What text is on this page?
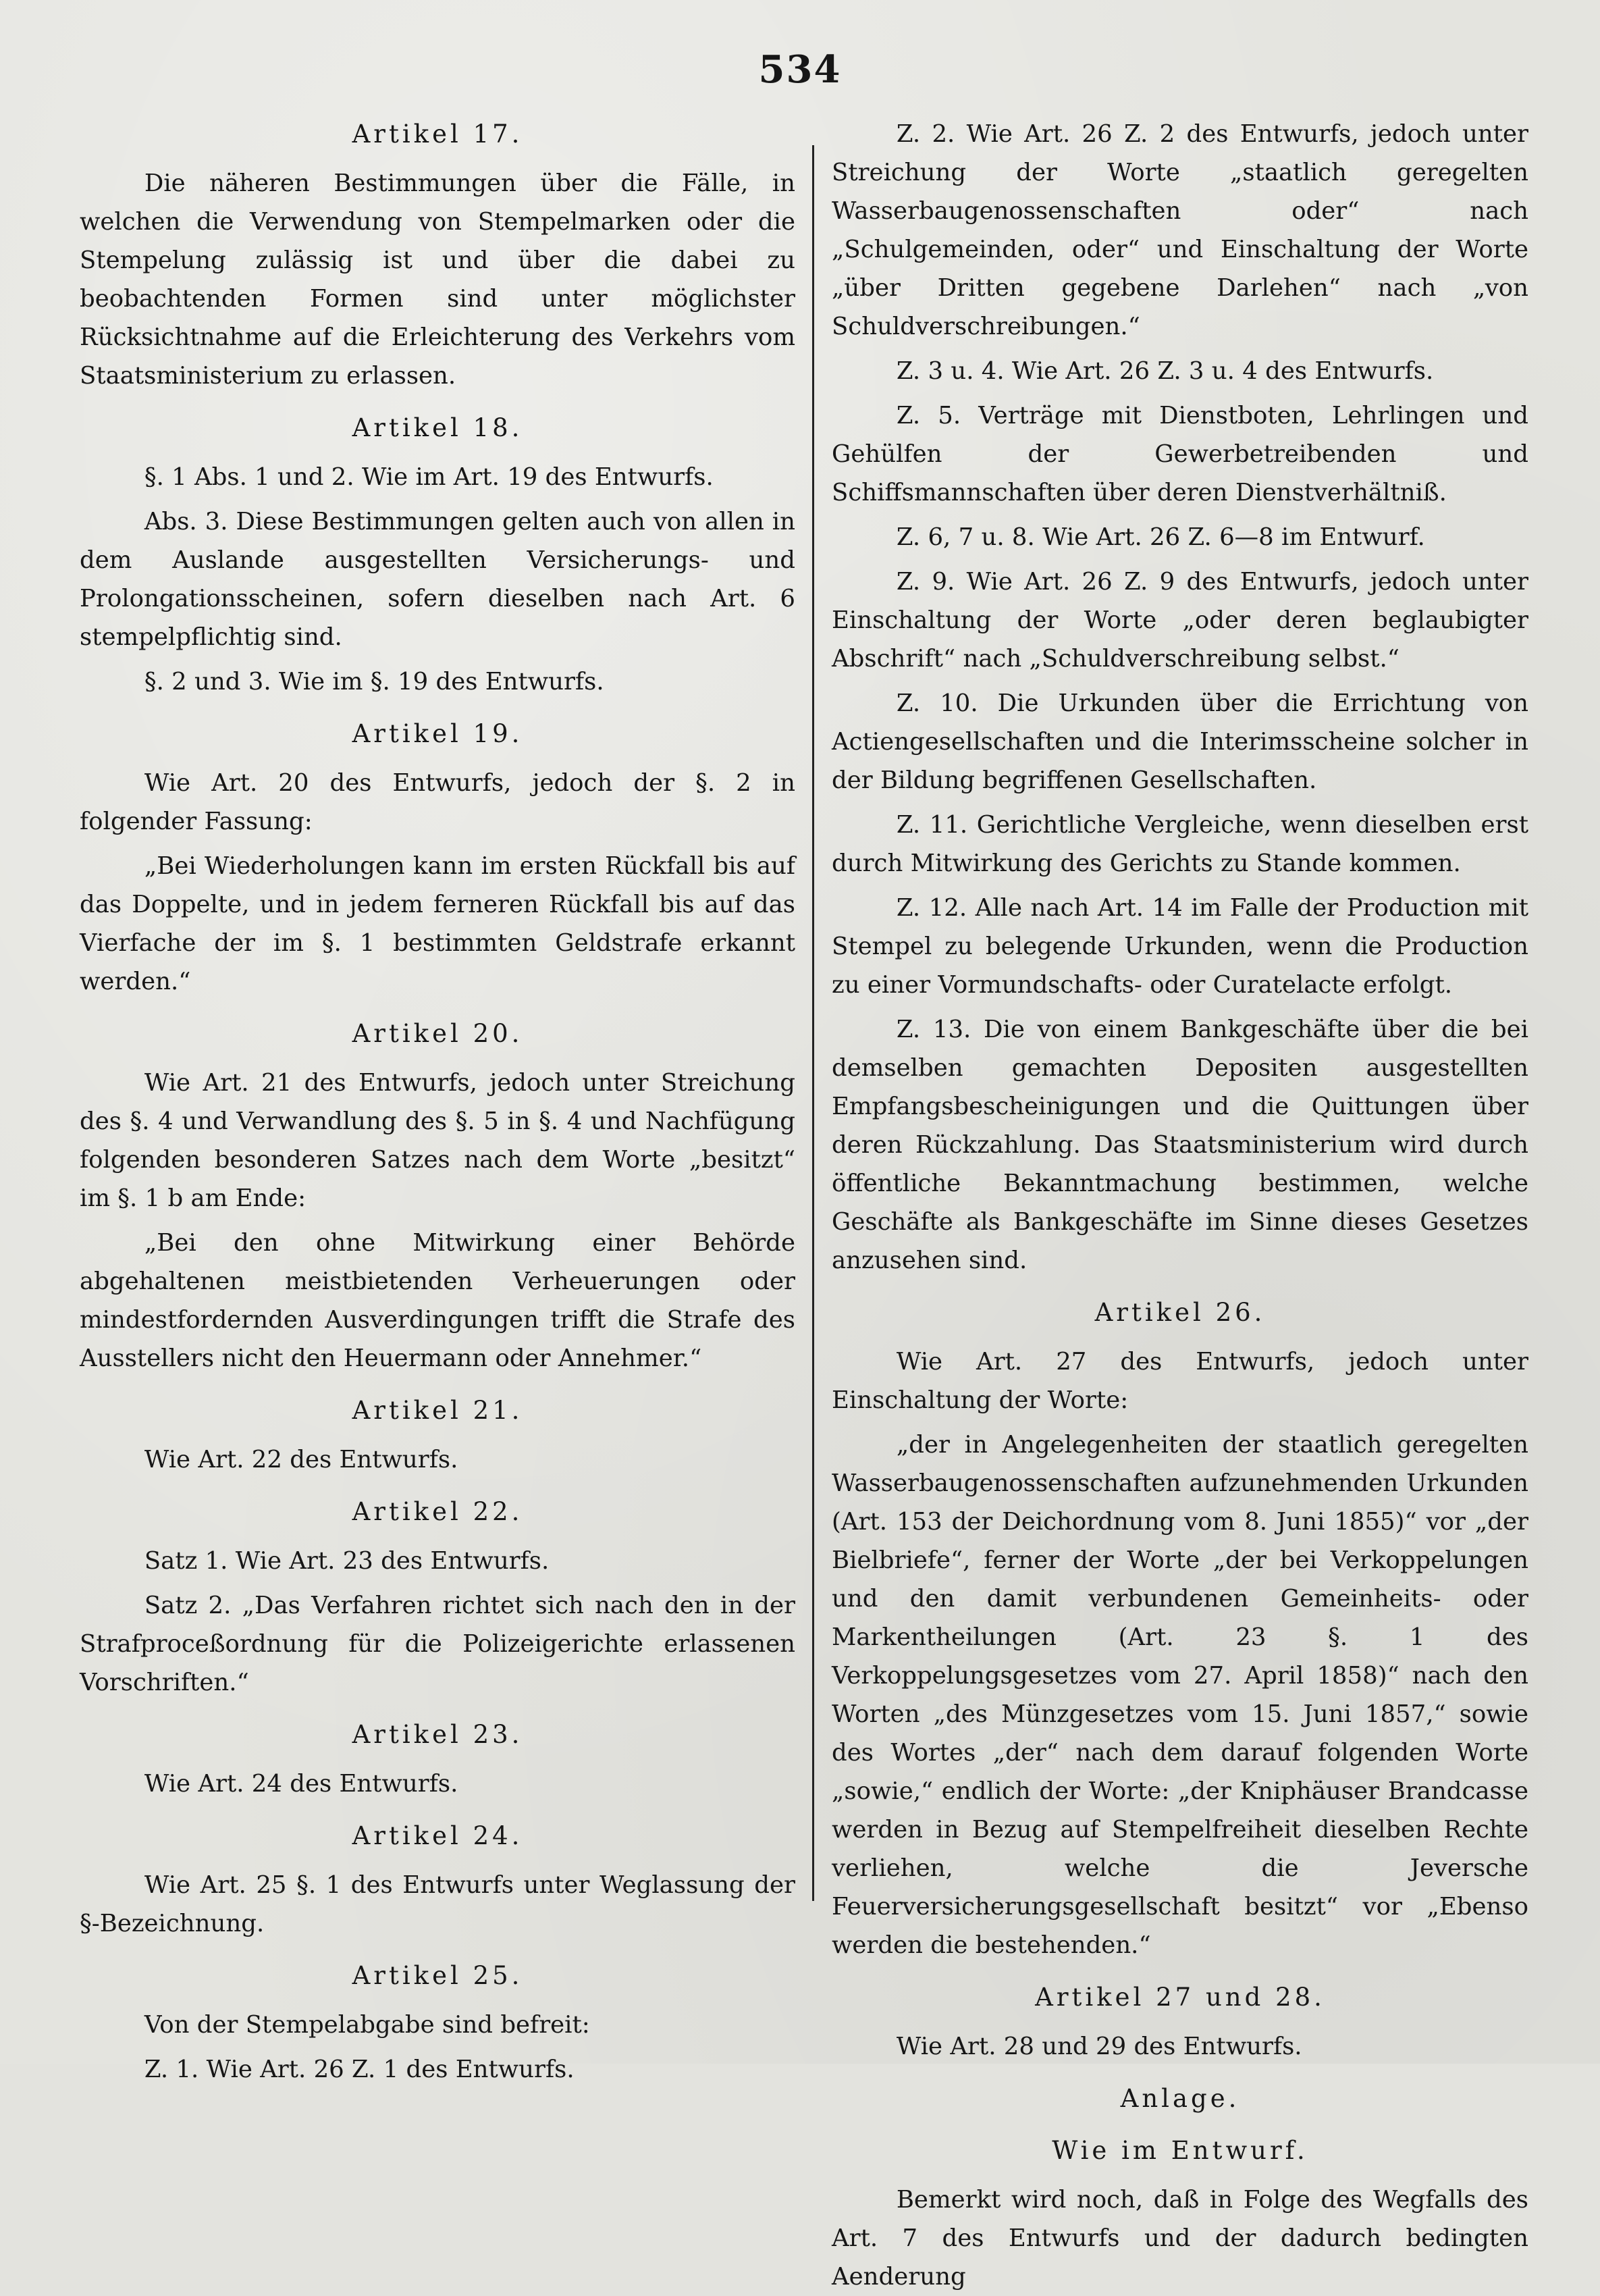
534
Artikel 17.

Die näheren Bestimmungen über die Fälle, in welchen die Verwendung von Stempelmarken oder die Stempelung zulässig ist und über die dabei zu beobachtenden Formen sind unter möglichster Rücksichtnahme auf die Erleichterung des Verkehrs vom Staatsministerium zu erlassen.

Artikel 18.

§. 1 Abs. 1 und 2. Wie im Art. 19 des Entwurfs.

Abs. 3. Diese Bestimmungen gelten auch von allen in dem Auslande ausgestellten Versicherungs- und Prolongationsscheinen, sofern dieselben nach Art. 6 stempelpflichtig sind.

§. 2 und 3. Wie im §. 19 des Entwurfs.

Artikel 19.

Wie Art. 20 des Entwurfs, jedoch der §. 2 in folgender Fassung:

„Bei Wiederholungen kann im ersten Rückfall bis auf das Doppelte, und in jedem ferneren Rückfall bis auf das Vierfache der im §. 1 bestimmten Geldstrafe erkannt werden.“

Artikel 20.

Wie Art. 21 des Entwurfs, jedoch unter Streichung des §. 4 und Verwandlung des §. 5 in §. 4 und Nachfügung folgenden besonderen Satzes nach dem Worte „besitzt“ im §. 1 b am Ende:

„Bei den ohne Mitwirkung einer Behörde abgehaltenen meistbietenden Verheuerungen oder mindestfordernden Ausverdingungen trifft die Strafe des Ausstellers nicht den Heuermann oder Annehmer.“

Artikel 21.

Wie Art. 22 des Entwurfs.

Artikel 22.

Satz 1. Wie Art. 23 des Entwurfs.

Satz 2. „Das Verfahren richtet sich nach den in der Strafproceßordnung für die Polizeigerichte erlassenen Vorschriften.“

Artikel 23.

Wie Art. 24 des Entwurfs.

Artikel 24.

Wie Art. 25 §. 1 des Entwurfs unter Weglassung der §-Bezeichnung.

Artikel 25.

Von der Stempelabgabe sind befreit:

Z. 1. Wie Art. 26 Z. 1 des Entwurfs.

Z. 2. Wie Art. 26 Z. 2 des Entwurfs, jedoch unter Streichung der Worte „staatlich geregelten Wasserbaugenossenschaften oder“ nach „Schulgemeinden, oder“ und Einschaltung der Worte „über Dritten gegebene Darlehen“ nach „von Schuldverschreibungen.“

Z. 3 u. 4. Wie Art. 26 Z. 3 u. 4 des Entwurfs.

Z. 5. Verträge mit Dienstboten, Lehrlingen und Gehülfen der Gewerbetreibenden und Schiffsmannschaften über deren Dienstverhältniß.

Z. 6, 7 u. 8. Wie Art. 26 Z. 6—8 im Entwurf.

Z. 9. Wie Art. 26 Z. 9 des Entwurfs, jedoch unter Einschaltung der Worte „oder deren beglaubigter Abschrift“ nach „Schuldverschreibung selbst.“

Z. 10. Die Urkunden über die Errichtung von Actiengesellschaften und die Interimsscheine solcher in der Bildung begriffenen Gesellschaften.

Z. 11. Gerichtliche Vergleiche, wenn dieselben erst durch Mitwirkung des Gerichts zu Stande kommen.

Z. 12. Alle nach Art. 14 im Falle der Production mit Stempel zu belegende Urkunden, wenn die Production zu einer Vormundschafts- oder Curatelacte erfolgt.

Z. 13. Die von einem Bankgeschäfte über die bei demselben gemachten Depositen ausgestellten Empfangsbescheinigungen und die Quittungen über deren Rückzahlung. Das Staatsministerium wird durch öffentliche Bekanntmachung bestimmen, welche Geschäfte als Bankgeschäfte im Sinne dieses Gesetzes anzusehen sind.

Artikel 26.

Wie Art. 27 des Entwurfs, jedoch unter Einschaltung der Worte:

„der in Angelegenheiten der staatlich geregelten Wasserbaugenossenschaften aufzunehmenden Urkunden (Art. 153 der Deichordnung vom 8. Juni 1855)“ vor „der Bielbriefe“, ferner der Worte „der bei Verkoppelungen und den damit verbundenen Gemeinheits- oder Markentheilungen (Art. 23 §. 1 des Verkoppelungsgesetzes vom 27. April 1858)“ nach den Worten „des Münzgesetzes vom 15. Juni 1857,“ sowie des Wortes „der“ nach dem darauf folgenden Worte „sowie,“ endlich der Worte: „der Kniphäuser Brandcasse werden in Bezug auf Stempelfreiheit dieselben Rechte verliehen, welche die Jeversche Feuerversicherungsgesellschaft besitzt“ vor „Ebenso werden die bestehenden.“

Artikel 27 und 28.

Wie Art. 28 und 29 des Entwurfs.

Anlage.
Wie im Entwurf.

Bemerkt wird noch, daß in Folge des Wegfalls des Art. 7 des Entwurfs und der dadurch bedingten Aenderung
